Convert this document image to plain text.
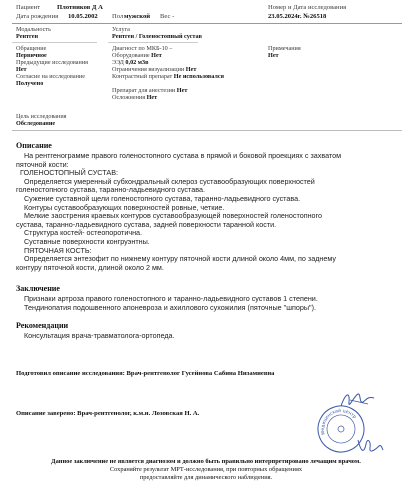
Пациент	Плотников Д А
Дата рождения 10.05.2002 Пол мужской Вес -
Номер и Дата исследования
23.05.2024г. №26518
Модальность
Рентген
Услуга
Рентген / Голеностопный сустав
Обращение
Первичное
Предыдущие исследования
Нет
Согласие на исследование
Получено
Диагност по МКБ-10 –
Оборудование Нет
ЭЭД 0,02 м3в
Ограничения визуализации Нет
Контрастный препарат Не использовался
Препарат для анестезии Нет
Осложнения Нет
Примечания
Нет
Цель исследования
Обследование
Описание
На рентгенограмме правого голеностопного сустава в прямой и боковой проекциях с захватом
пяточной кости:
ГОЛЕНОСТОПНЫЙ СУСТАВ:
Определяется умеренный субхондральный склероз суставообразующих поверхностей
голеностопного сустава, таранно-ладьевидного сустава.
Сужение суставной щели голеностопного сустава, таранно-ладьевидного сустава.
Контуры суставообразующих поверхностей ровные, четкие.
Мелкие заострения краевых контуров суставообразующей поверхностей голеностопного
сустава, таранно-ладьевидного сустава, задней поверхности таранной кости.
Структура костей- остеопоротична.
Суставные поверхности конгруэнтны.
ПЯТОЧНАЯ КОСТЬ:
Определяется энтезофит по нижнему контуру пяточной кости длиной около 4мм, по заднему
контуру пяточной кости, длиной около 2 мм.
Заключение
Признаки артроза правого голеностопного и таранно-ладьевидного суставов 1 степени.
Тендинопатия подошвенного апоневроза и ахиллового сухожилия (пяточные "шпоры").
Рекомендации
Консультация врача-травматолога-ортопеда.
Подготовил описание исследования: Врач-рентгенолог Гусейнова Сабина Низамиевна
Описание заверено: Врач-рентгенолог, к.м.н. Лозовская Н. А.
Медицинский центр
Данное заключение не является диагнозом и должно быть правильно интерпретировано лечащим врачом.
Сохраняйте результат МРТ-исследования, при повторных обращениях
предоставляйте для динамического наблюдения.
